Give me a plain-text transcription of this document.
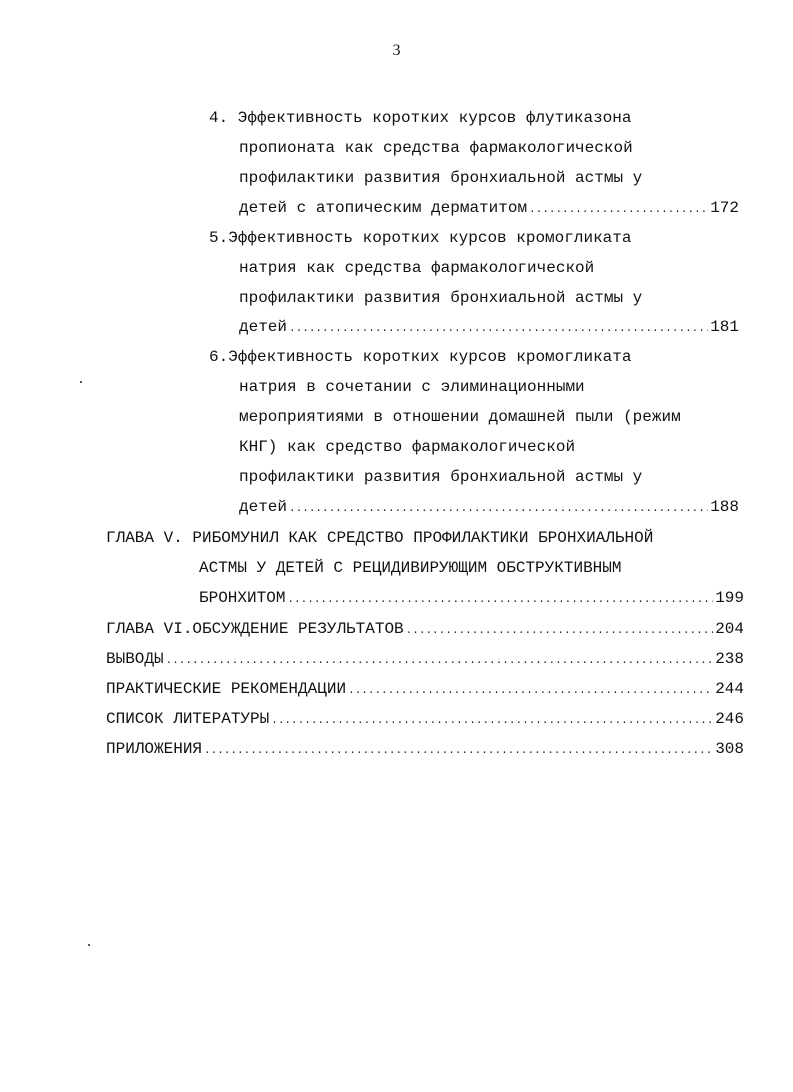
3
4. Эффективность коротких курсов флутиказона
пропионата как средства фармакологической
профилактики развития бронхиальной астмы у
детей с атопическим дерматитом .....	172
5.Эффективность коротких курсов кромогликата
натрия как средства фармакологической
профилактики развития бронхиальной астмы у
детей .....	181
6.Эффективность коротких курсов кромогликата
натрия в сочетании с элиминационными
мероприятиями в отношении домашней пыли (режим
КНГ) как средство фармакологической
профилактики развития бронхиальной астмы у
детей .....	188
ГЛАВА V. РИБОМУНИЛ КАК СРЕДСТВО ПРОФИЛАКТИКИ БРОНХИАЛЬНОЙ
АСТМЫ У ДЕТЕЙ С РЕЦИДИВИРУЮЩИМ ОБСТРУКТИВНЫМ
БРОНХИТОМ .....	199
ГЛАВА VI.ОБСУЖДЕНИЕ РЕЗУЛЬТАТОВ .....	204
ВЫВОДЫ .....	238
ПРАКТИЧЕСКИЕ РЕКОМЕНДАЦИИ .....	244
СПИСОК ЛИТЕРАТУРЫ .....	246
ПРИЛОЖЕНИЯ .....	308
